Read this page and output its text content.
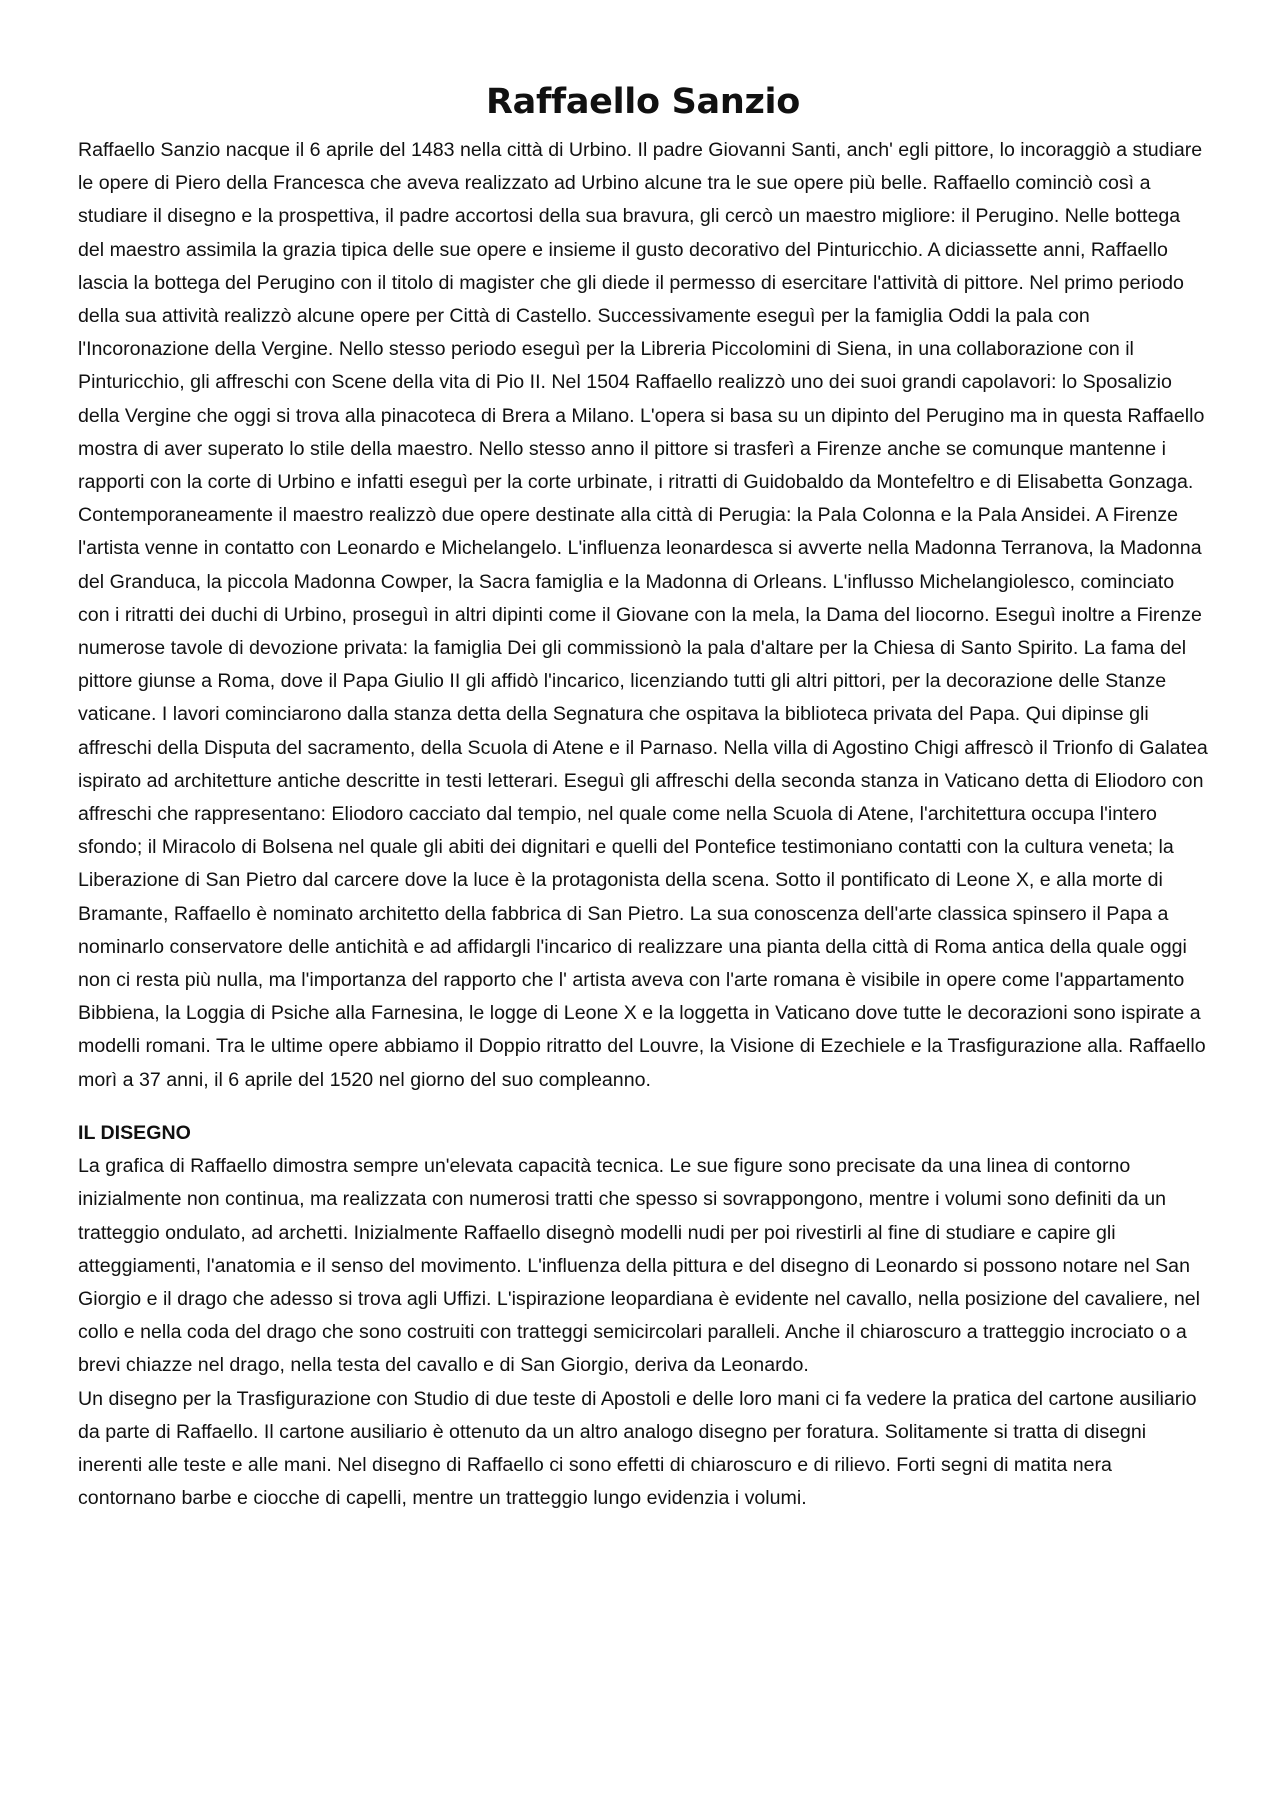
Raffaello Sanzio

Raffaello Sanzio nacque il 6 aprile del 1483 nella città di Urbino. Il padre Giovanni Santi, anch' egli pittore, lo incoraggiò a studiare le opere di Piero della Francesca che aveva realizzato ad Urbino alcune tra le sue opere più belle. Raffaello cominciò così a studiare il disegno e la prospettiva, il padre accortosi della sua bravura, gli cercò un maestro migliore: il Perugino. Nelle bottega del maestro assimila la grazia tipica delle sue opere e insieme il gusto decorativo del Pinturicchio. A diciassette anni, Raffaello lascia la bottega del Perugino con il titolo di magister che gli diede il permesso di esercitare l'attività di pittore. Nel primo periodo della sua attività realizzò alcune opere per Città di Castello. Successivamente eseguì per la famiglia Oddi la pala con l'Incoronazione della Vergine. Nello stesso periodo eseguì per la Libreria Piccolomini di Siena, in una collaborazione con il Pinturicchio, gli affreschi con Scene della vita di Pio II. Nel 1504 Raffaello realizzò uno dei suoi grandi capolavori: lo Sposalizio della Vergine che oggi si trova alla pinacoteca di Brera a Milano. L'opera si basa su un dipinto del Perugino ma in questa Raffaello mostra di aver superato lo stile della maestro. Nello stesso anno il pittore si trasferì a Firenze anche se comunque mantenne i rapporti con la corte di Urbino e infatti eseguì per la corte urbinate, i ritratti di Guidobaldo da Montefeltro e di Elisabetta Gonzaga. Contemporaneamente il maestro realizzò due opere destinate alla città di Perugia: la Pala Colonna e la Pala Ansidei. A Firenze l'artista venne in contatto con Leonardo e Michelangelo. L'influenza leonardesca si avverte nella Madonna Terranova, la Madonna del Granduca, la piccola Madonna Cowper, la Sacra famiglia e la Madonna di Orleans. L'influsso Michelangiolesco, cominciato con i ritratti dei duchi di Urbino, proseguì in altri dipinti come il Giovane con la mela, la Dama del liocorno. Eseguì inoltre a Firenze numerose tavole di devozione privata: la famiglia Dei gli commissionò la pala d'altare per la Chiesa di Santo Spirito. La fama del pittore giunse a Roma, dove il Papa Giulio II gli affidò l'incarico, licenziando tutti gli altri pittori, per la decorazione delle Stanze vaticane. I lavori cominciarono dalla stanza detta della Segnatura che ospitava la biblioteca privata del Papa. Qui dipinse gli affreschi della Disputa del sacramento, della Scuola di Atene e il Parnaso. Nella villa di Agostino Chigi affrescò il Trionfo di Galatea ispirato ad architetture antiche descritte in testi letterari. Eseguì gli affreschi della seconda stanza in Vaticano detta di Eliodoro con affreschi che rappresentano: Eliodoro cacciato dal tempio, nel quale come nella Scuola di Atene, l'architettura occupa l'intero sfondo; il Miracolo di Bolsena nel quale gli abiti dei dignitari e quelli del Pontefice testimoniano contatti con la cultura veneta; la Liberazione di San Pietro dal carcere dove la luce è la protagonista della scena. Sotto il pontificato di Leone X, e alla morte di Bramante, Raffaello è nominato architetto della fabbrica di San Pietro. La sua conoscenza dell'arte classica spinsero il Papa a nominarlo conservatore delle antichità e ad affidargli l'incarico di realizzare una pianta della città di Roma antica della quale oggi non ci resta più nulla, ma l'importanza del rapporto che l' artista aveva con l'arte romana è visibile in opere come l'appartamento Bibbiena, la Loggia di Psiche alla Farnesina, le logge di Leone X e la loggetta in Vaticano dove tutte le decorazioni sono ispirate a modelli romani. Tra le ultime opere abbiamo il Doppio ritratto del Louvre, la Visione di Ezechiele e la Trasfigurazione alla. Raffaello morì a 37 anni, il 6 aprile del 1520 nel giorno del suo compleanno.

IL DISEGNO

La grafica di Raffaello dimostra sempre un'elevata capacità tecnica. Le sue figure sono precisate da una linea di contorno inizialmente non continua, ma realizzata con numerosi tratti che spesso si sovrappongono, mentre i volumi sono definiti da un tratteggio ondulato, ad archetti. Inizialmente Raffaello disegnò modelli nudi per poi rivestirli al fine di studiare e capire gli atteggiamenti, l'anatomia e il senso del movimento. L'influenza della pittura e del disegno di Leonardo si possono notare nel San Giorgio e il drago che adesso si trova agli Uffizi. L'ispirazione leopardiana è evidente nel cavallo, nella posizione del cavaliere, nel collo e nella coda del drago che sono costruiti con tratteggi semicircolari paralleli. Anche il chiaroscuro a tratteggio incrociato o a brevi chiazze nel drago, nella testa del cavallo e di San Giorgio, deriva da Leonardo.

Un disegno per la Trasfigurazione con Studio di due teste di Apostoli e delle loro mani ci fa vedere la pratica del cartone ausiliario da parte di Raffaello. Il cartone ausiliario è ottenuto da un altro analogo disegno per foratura. Solitamente si tratta di disegni inerenti alle teste e alle mani. Nel disegno di Raffaello ci sono effetti di chiaroscuro e di rilievo. Forti segni di matita nera contornano barbe e ciocche di capelli, mentre un tratteggio lungo evidenzia i volumi.
